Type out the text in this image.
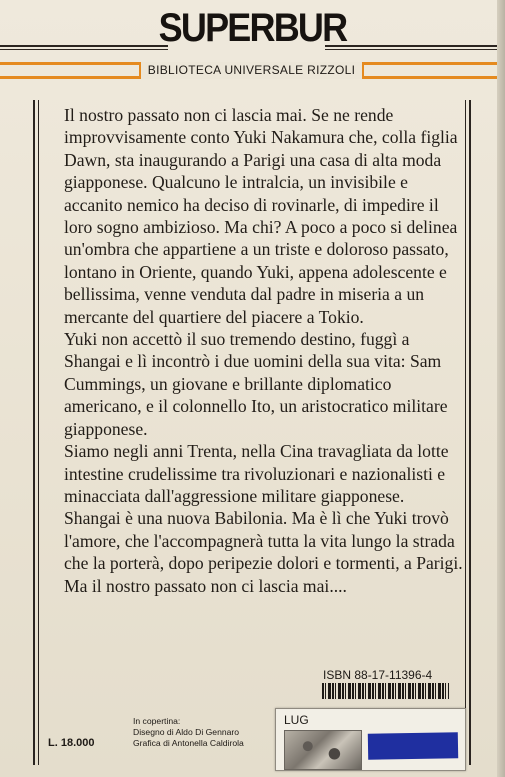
SUPERBUR
BIBLIOTECA UNIVERSALE RIZZOLI

Il nostro passato non ci lascia mai. Se ne rende improvvisamente conto Yuki Nakamura che, colla figlia Dawn, sta inaugurando a Parigi una casa di alta moda giapponese. Qualcuno le intralcia, un invisibile e accanito nemico ha deciso di rovinarle, di impedire il loro sogno ambizioso. Ma chi? A poco a poco si delinea un'ombra che appartiene a un triste e doloroso passato, lontano in Oriente, quando Yuki, appena adolescente e bellissima, venne venduta dal padre in miseria a un mercante del quartiere del piacere a Tokio.

Yuki non accettò il suo tremendo destino, fuggì a Shangai e lì incontrò i due uomini della sua vita: Sam Cummings, un giovane e brillante diplomatico americano, e il colonnello Ito, un aristocratico militare giapponese.

Siamo negli anni Trenta, nella Cina travagliata da lotte intestine crudelissime tra rivoluzionari e nazionalisti e minacciata dall'aggressione militare giapponese. Shangai è una nuova Babilonia. Ma è lì che Yuki trovò l'amore, che l'accompagnerà tutta la vita lungo la strada che la porterà, dopo peripezie dolori e tormenti, a Parigi. Ma il nostro passato non ci lascia mai....

ISBN 88-17-11396-4
L. 18.000
In copertina:
Disegno di Aldo Di Gennaro
Grafica di Antonella Caldirola
LUG
